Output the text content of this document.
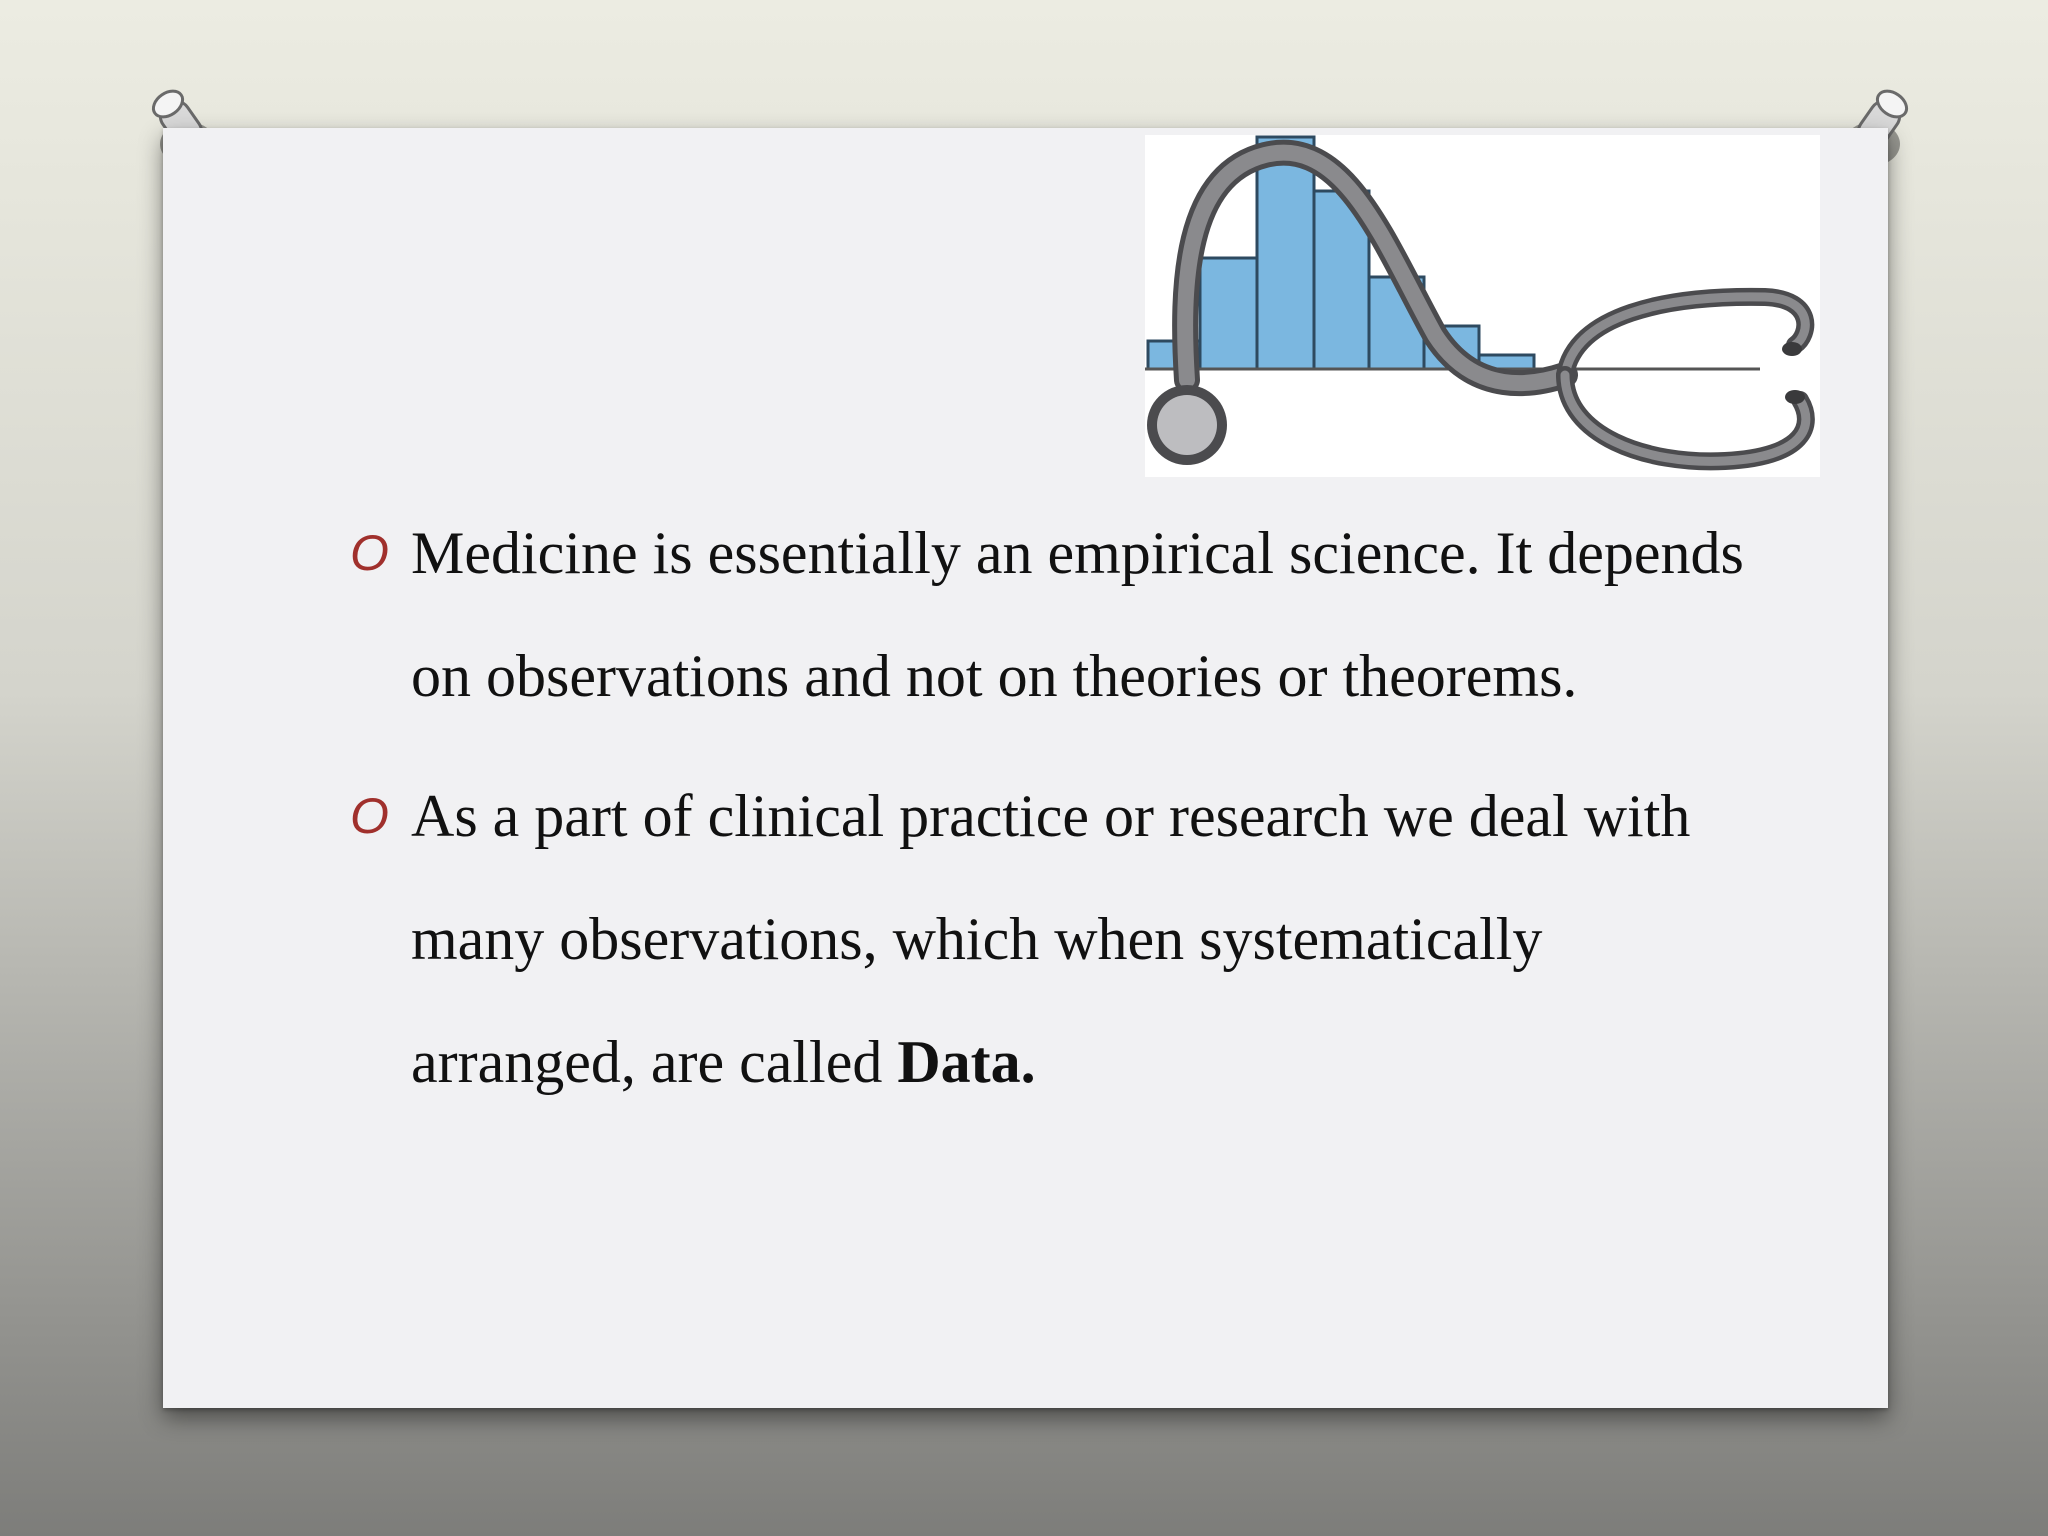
O Medicine is essentially an empirical science. It depends on observations and not on theories or theorems.
O As a part of clinical practice or research we deal with many observations, which when systematically arranged, are called Data.
